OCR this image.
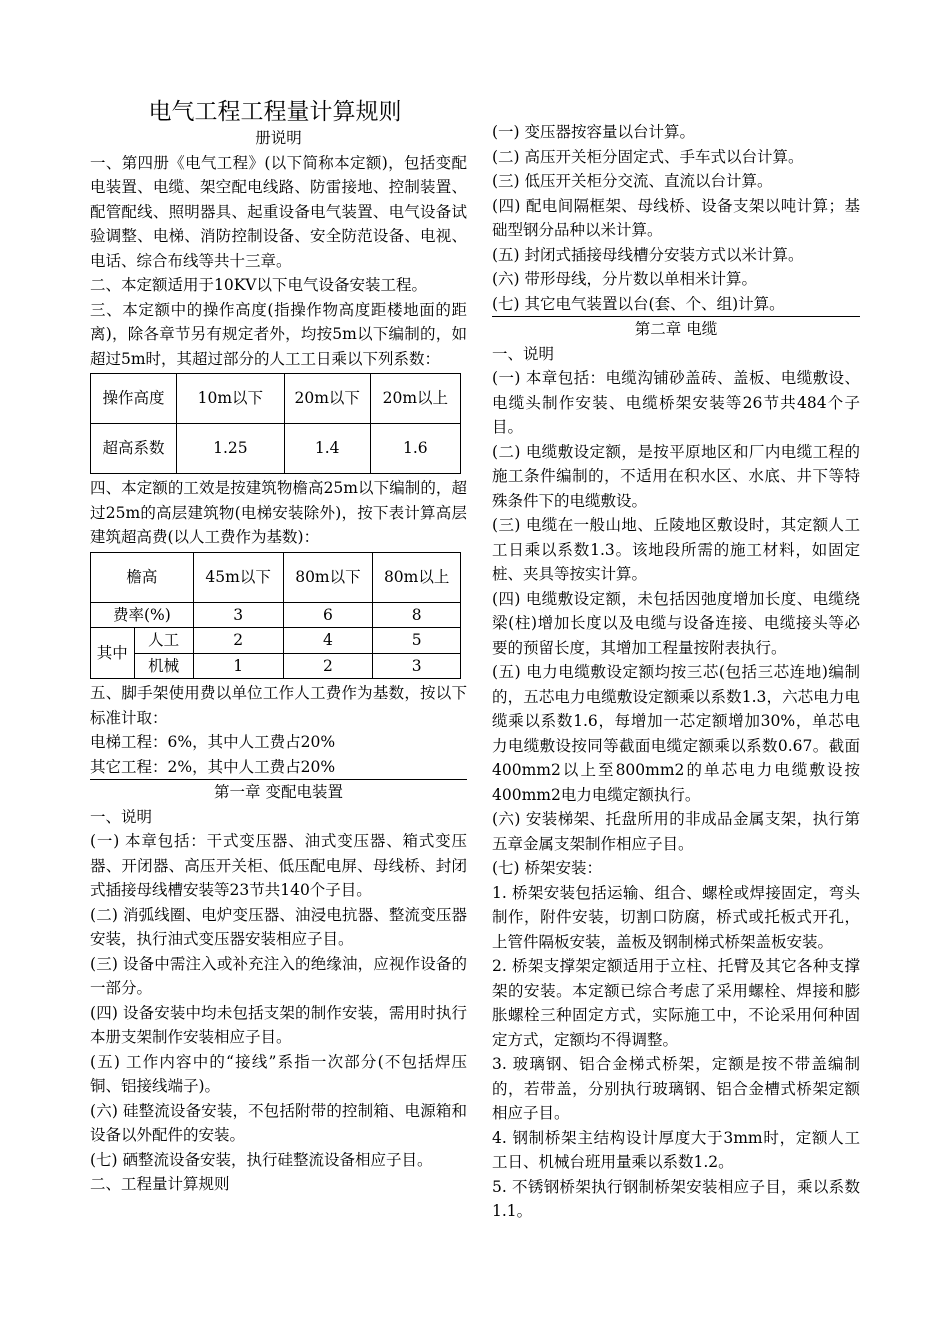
电气工程工程量计算规则

册说明

一、第四册《电气工程》(以下简称本定额)，包括变配电装置、电缆、架空配电线路、防雷接地、控制装置、配管配线、照明器具、起重设备电气装置、电气设备试验调整、电梯、消防控制设备、安全防范设备、电视、电话、综合布线等共十三章。

二、本定额适用于10KV以下电气设备安装工程。

三、本定额中的操作高度(指操作物高度距楼地面的距离)，除各章节另有规定者外，均按5m以下编制的，如超过5m时，其超过部分的人工工日乘以下列系数：

操作高度	10m以下	20m以下	20m以上
超高系数	1.25	1.4	1.6

四、本定额的工效是按建筑物檐高25m以下编制的，超过25m的高层建筑物(电梯安装除外)，按下表计算高层建筑超高费(以人工费作为基数)：

檐高		45m以下	80m以下	80m以上
费率(%)		3	6	8
其中	人工	2	4	5
	机械	1	2	3

五、脚手架使用费以单位工作人工费作为基数，按以下标准计取：

电梯工程：6%，其中人工费占20%

其它工程：2%，其中人工费占20%

第一章 变配电装置

一、说明

(一) 本章包括：干式变压器、油式变压器、箱式变压器、开闭器、高压开关柜、低压配电屏、母线桥、封闭式插接母线槽安装等23节共140个子目。

(二) 消弧线圈、电炉变压器、油浸电抗器、整流变压器安装，执行油式变压器安装相应子目。

(三) 设备中需注入或补充注入的绝缘油，应视作设备的一部分。

(四) 设备安装中均未包括支架的制作安装，需用时执行本册支架制作安装相应子目。

(五) 工作内容中的“接线”系指一次部分(不包括焊压铜、铝接线端子)。

(六) 硅整流设备安装，不包括附带的控制箱、电源箱和设备以外配件的安装。

(七) 硒整流设备安装，执行硅整流设备相应子目。

二、工程量计算规则

(一) 变压器按容量以台计算。

(二) 高压开关柜分固定式、手车式以台计算。

(三) 低压开关柜分交流、直流以台计算。

(四) 配电间隔框架、母线桥、设备支架以吨计算；基础型钢分品种以米计算。

(五) 封闭式插接母线槽分安装方式以米计算。

(六) 带形母线，分片数以单相米计算。

(七) 其它电气装置以台(套、个、组)计算。

第二章 电缆

一、说明

(一) 本章包括：电缆沟铺砂盖砖、盖板、电缆敷设、电缆头制作安装、电缆桥架安装等26节共484个子目。

(二) 电缆敷设定额，是按平原地区和厂内电缆工程的施工条件编制的，不适用在积水区、水底、井下等特殊条件下的电缆敷设。

(三) 电缆在一般山地、丘陵地区敷设时，其定额人工工日乘以系数1.3。该地段所需的施工材料，如固定桩、夹具等按实计算。

(四) 电缆敷设定额，未包括因弛度增加长度、电缆绕梁(柱)增加长度以及电缆与设备连接、电缆接头等必要的预留长度，其增加工程量按附表执行。

(五) 电力电缆敷设定额均按三芯(包括三芯连地)编制的，五芯电力电缆敷设定额乘以系数1.3，六芯电力电缆乘以系数1.6，每增加一芯定额增加30%，单芯电力电缆敷设按同等截面电缆定额乘以系数0.67。截面400mm2以上至800mm2的单芯电力电缆敷设按400mm2电力电缆定额执行。

(六) 安装梯架、托盘所用的非成品金属支架，执行第五章金属支架制作相应子目。

(七) 桥架安装：

1. 桥架安装包括运输、组合、螺栓或焊接固定，弯头制作，附件安装，切割口防腐，桥式或托板式开孔，上管件隔板安装，盖板及钢制梯式桥架盖板安装。

2. 桥架支撑架定额适用于立柱、托臂及其它各种支撑架的安装。本定额已综合考虑了采用螺栓、焊接和膨胀螺栓三种固定方式，实际施工中，不论采用何种固定方式，定额均不得调整。

3. 玻璃钢、铝合金梯式桥架，定额是按不带盖编制的，若带盖，分别执行玻璃钢、铝合金槽式桥架定额相应子目。

4. 钢制桥架主结构设计厚度大于3mm时，定额人工工日、机械台班用量乘以系数1.2。

5. 不锈钢桥架执行钢制桥架安装相应子目，乘以系数1.1。
